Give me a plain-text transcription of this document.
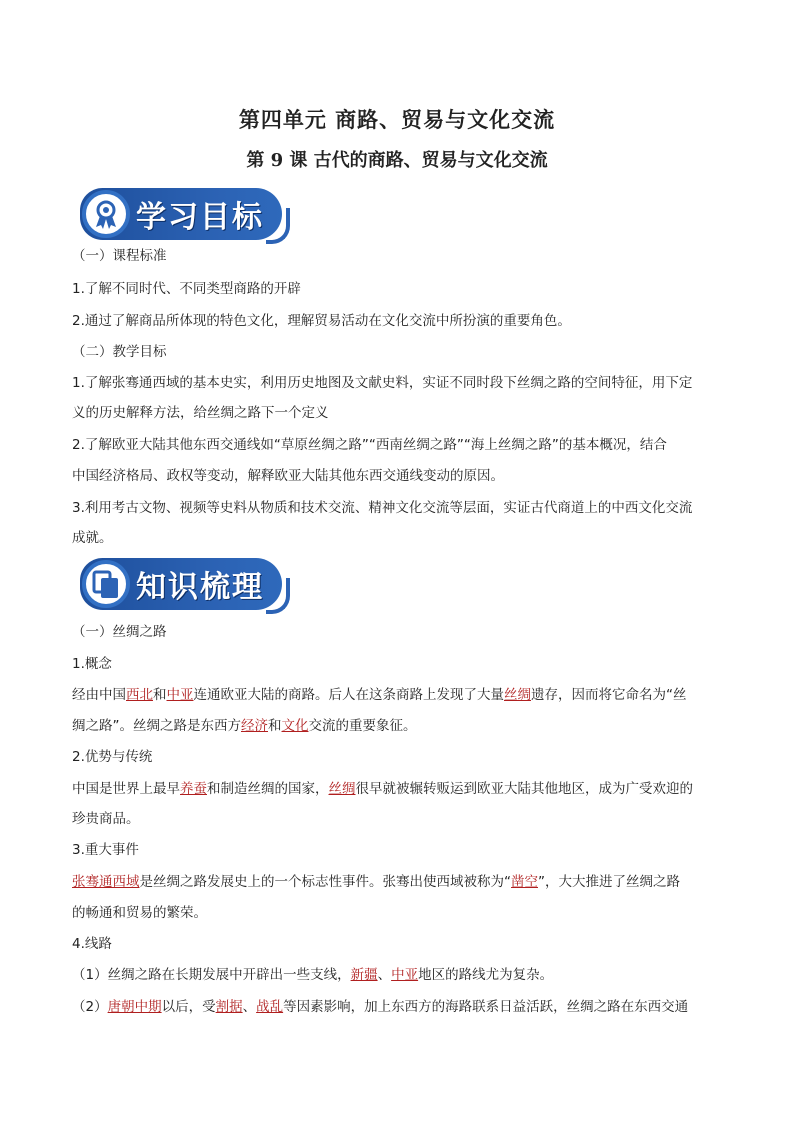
第四单元 商路、贸易与文化交流
第 9 课 古代的商路、贸易与文化交流
学习目标
（一）课程标准
1.了解不同时代、不同类型商路的开辟
2.通过了解商品所体现的特色文化，理解贸易活动在文化交流中所扮演的重要角色。
（二）教学目标
1.了解张骞通西域的基本史实，利用历史地图及文献史料，实证不同时段下丝绸之路的空间特征，用下定
义的历史解释方法，给丝绸之路下一个定义
2.了解欧亚大陆其他东西交通线如“草原丝绸之路”“西南丝绸之路”“海上丝绸之路”的基本概况，结合
中国经济格局、政权等变动，解释欧亚大陆其他东西交通线变动的原因。
3.利用考古文物、视频等史料从物质和技术交流、精神文化交流等层面，实证古代商道上的中西文化交流
成就。
知识梳理
（一）丝绸之路
1.概念
经由中国西北和中亚连通欧亚大陆的商路。后人在这条商路上发现了大量丝绸遗存，因而将它命名为“丝
绸之路”。丝绸之路是东西方经济和文化交流的重要象征。
2.优势与传统
中国是世界上最早养蚕和制造丝绸的国家，丝绸很早就被辗转贩运到欧亚大陆其他地区，成为广受欢迎的
珍贵商品。
3.重大事件
张骞通西域是丝绸之路发展史上的一个标志性事件。张骞出使西域被称为“凿空”，大大推进了丝绸之路
的畅通和贸易的繁荣。
4.线路
（1）丝绸之路在长期发展中开辟出一些支线，新疆、中亚地区的路线尤为复杂。
（2）唐朝中期以后，受割据、战乱等因素影响，加上东西方的海路联系日益活跃，丝绸之路在东西交通
